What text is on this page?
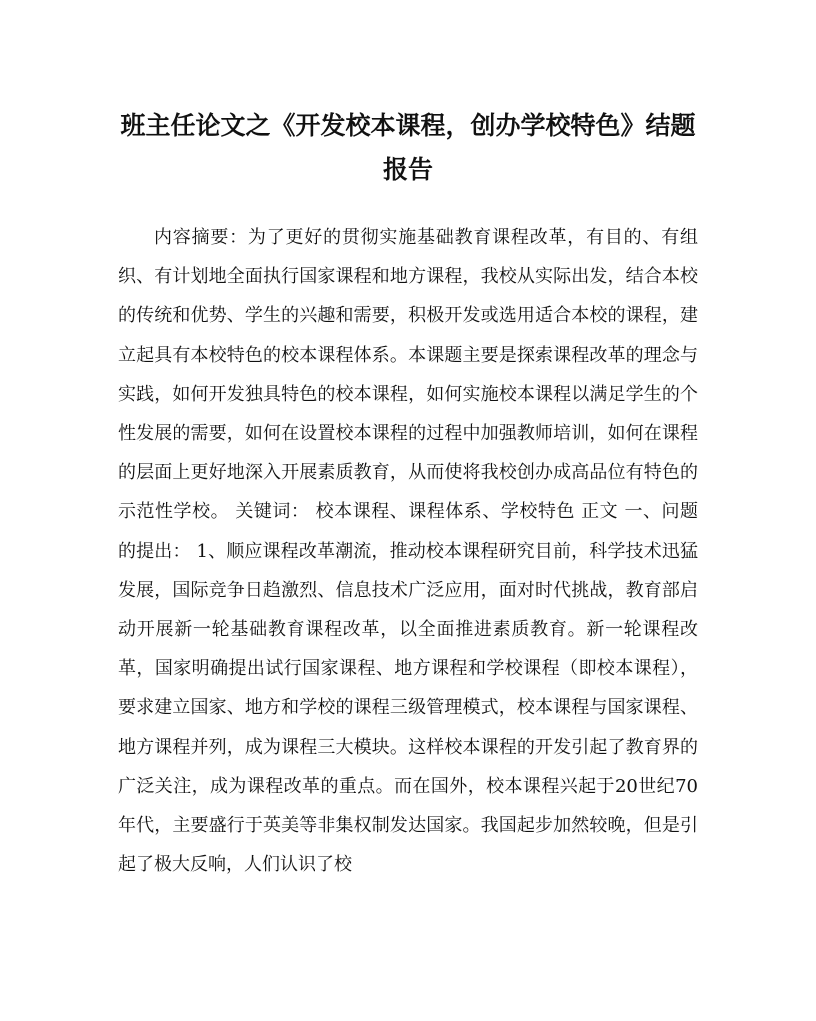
班主任论文之《开发校本课程，创办学校特色》结题报告

内容摘要：为了更好的贯彻实施基础教育课程改革，有目的、有组织、有计划地全面执行国家课程和地方课程，我校从实际出发，结合本校的传统和优势、学生的兴趣和需要，积极开发或选用适合本校的课程，建立起具有本校特色的校本课程体系。本课题主要是探索课程改革的理念与实践，如何开发独具特色的校本课程，如何实施校本课程以满足学生的个性发展的需要，如何在设置校本课程的过程中加强教师培训，如何在课程的层面上更好地深入开展素质教育，从而使将我校创办成高品位有特色的示范性学校。 关键词： 校本课程、课程体系、学校特色 正文 一、问题的提出： 1、顺应课程改革潮流，推动校本课程研究目前，科学技术迅猛发展，国际竞争日趋激烈、信息技术广泛应用，面对时代挑战，教育部启动开展新一轮基础教育课程改革，以全面推进素质教育。新一轮课程改革，国家明确提出试行国家课程、地方课程和学校课程（即校本课程），要求建立国家、地方和学校的课程三级管理模式，校本课程与国家课程、地方课程并列，成为课程三大模块。这样校本课程的开发引起了教育界的广泛关注，成为课程改革的重点。而在国外，校本课程兴起于20世纪70年代，主要盛行于英美等非集权制发达国家。我国起步加然较晚，但是引起了极大反响，人们认识了校
